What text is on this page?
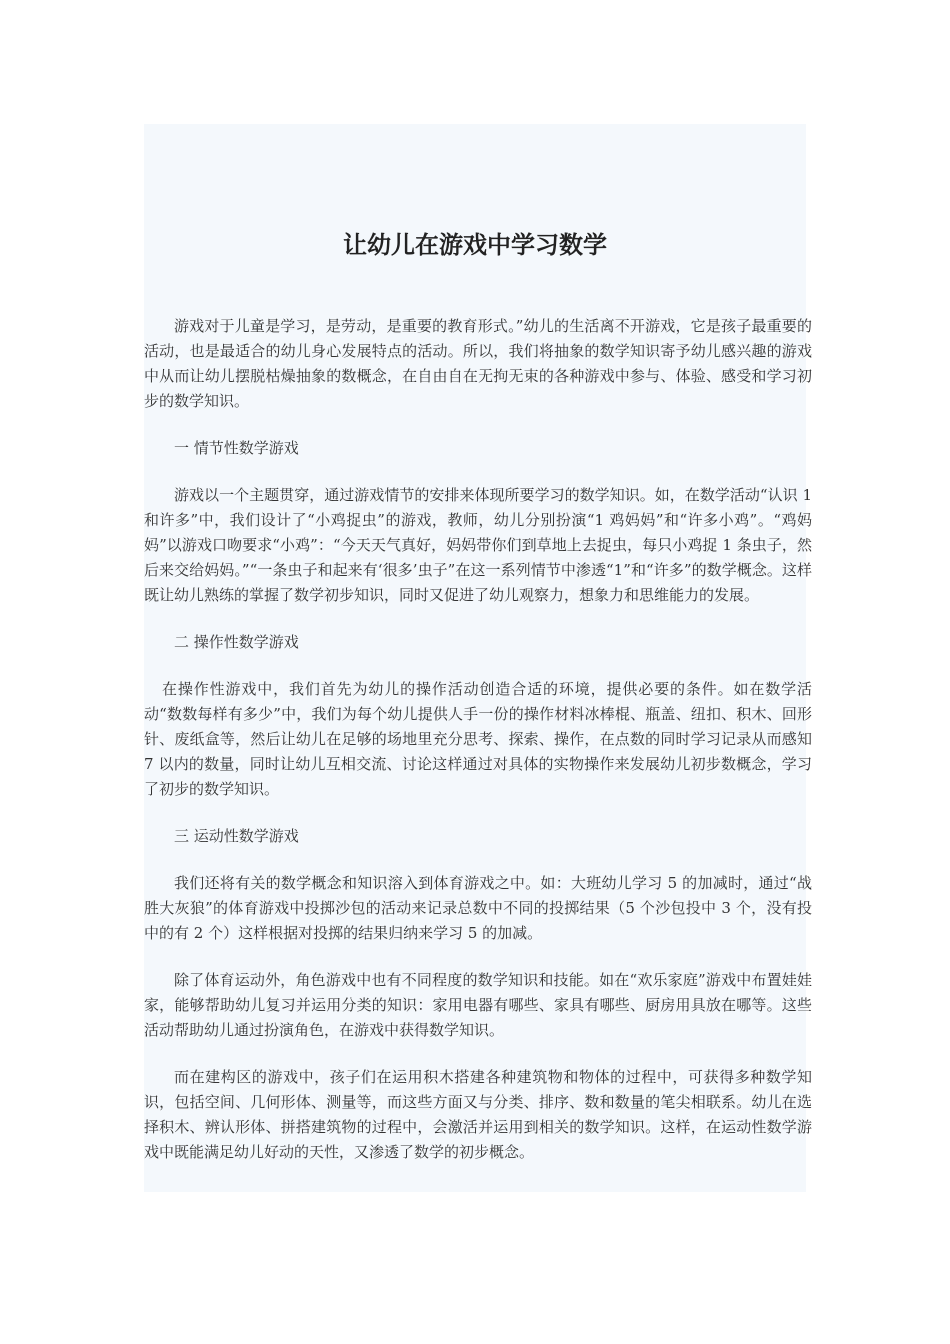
让幼儿在游戏中学习数学

游戏对于儿童是学习，是劳动，是重要的教育形式。”幼儿的生活离不开游戏，它是孩子最重要的活动，也是最适合的幼儿身心发展特点的活动。所以，我们将抽象的数学知识寄予幼儿感兴趣的游戏中从而让幼儿摆脱枯燥抽象的数概念，在自由自在无拘无束的各种游戏中参与、体验、感受和学习初步的数学知识。

一 情节性数学游戏

游戏以一个主题贯穿，通过游戏情节的安排来体现所要学习的数学知识。如，在数学活动“认识 1 和许多”中，我们设计了“小鸡捉虫”的游戏，教师，幼儿分别扮演“1 鸡妈妈”和“许多小鸡”。“鸡妈妈”以游戏口吻要求“小鸡”：“今天天气真好，妈妈带你们到草地上去捉虫，每只小鸡捉 1 条虫子，然后来交给妈妈。”“一条虫子和起来有‘很多’虫子”在这一系列情节中渗透“1”和“许多”的数学概念。这样既让幼儿熟练的掌握了数学初步知识，同时又促进了幼儿观察力，想象力和思维能力的发展。

二 操作性数学游戏

在操作性游戏中，我们首先为幼儿的操作活动创造合适的环境，提供必要的条件。如在数学活动“数数每样有多少”中，我们为每个幼儿提供人手一份的操作材料冰棒棍、瓶盖、纽扣、积木、回形针、废纸盒等，然后让幼儿在足够的场地里充分思考、探索、操作，在点数的同时学习记录从而感知 7 以内的数量，同时让幼儿互相交流、讨论这样通过对具体的实物操作来发展幼儿初步数概念，学习了初步的数学知识。

三 运动性数学游戏

我们还将有关的数学概念和知识溶入到体育游戏之中。如：大班幼儿学习 5 的加减时，通过“战胜大灰狼”的体育游戏中投掷沙包的活动来记录总数中不同的投掷结果（5 个沙包投中 3 个，没有投中的有 2 个）这样根据对投掷的结果归纳来学习 5 的加减。

除了体育运动外，角色游戏中也有不同程度的数学知识和技能。如在“欢乐家庭”游戏中布置娃娃家，能够帮助幼儿复习并运用分类的知识：家用电器有哪些、家具有哪些、厨房用具放在哪等。这些活动帮助幼儿通过扮演角色，在游戏中获得数学知识。

而在建构区的游戏中，孩子们在运用积木搭建各种建筑物和物体的过程中，可获得多种数学知识，包括空间、几何形体、测量等，而这些方面又与分类、排序、数和数量的笔尖相联系。幼儿在选择积木、辨认形体、拼搭建筑物的过程中，会激活并运用到相关的数学知识。这样，在运动性数学游戏中既能满足幼儿好动的天性，又渗透了数学的初步概念。
